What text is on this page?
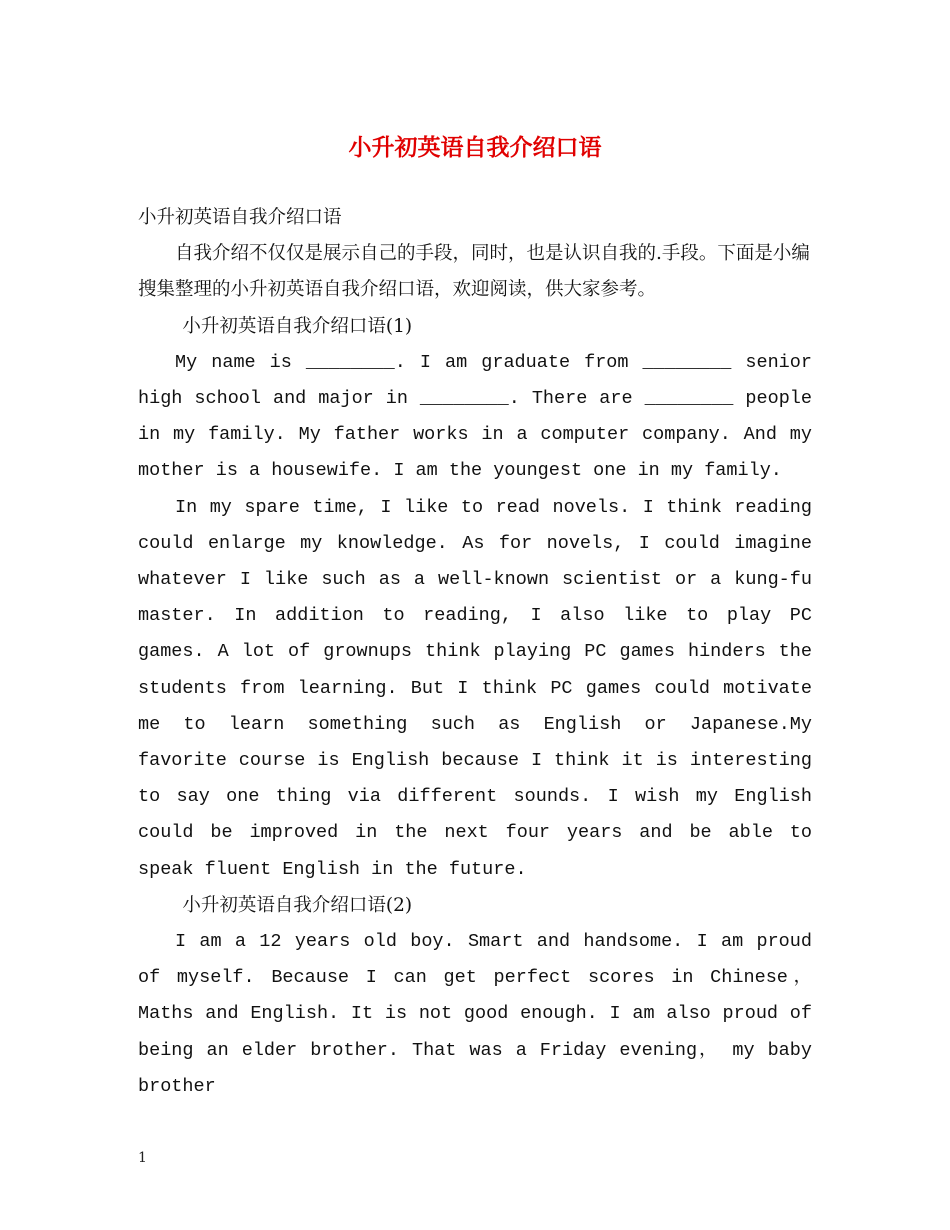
小升初英语自我介绍口语

小升初英语自我介绍口语

自我介绍不仅仅是展示自己的手段，同时，也是认识自我的.手段。下面是小编搜集整理的小升初英语自我介绍口语，欢迎阅读，供大家参考。

小升初英语自我介绍口语(1)

My name is ________. I am graduate from ________ senior high school and major in ________. There are ________ people in my family. My father works in a computer company. And my mother is a housewife. I am the youngest one in my family.

In my spare time, I like to read novels. I think reading could enlarge my knowledge. As for novels, I could imagine whatever I like such as a well-known scientist or a kung-fu master. In addition to reading, I also like to play PC games. A lot of grownups think playing PC games hinders the students from learning. But I think PC games could motivate me to learn something such as English or Japanese.My favorite course is English because I think it is interesting to say one thing via different sounds. I wish my English could be improved in the next four years and be able to speak fluent English in the future.

小升初英语自我介绍口语(2)

I am a 12 years old boy. Smart and handsome. I am proud of myself. Because I can get perfect scores in Chinese， Maths and English. It is not good enough. I am also proud of being an elder brother. That was a Friday evening， my baby brother

1
